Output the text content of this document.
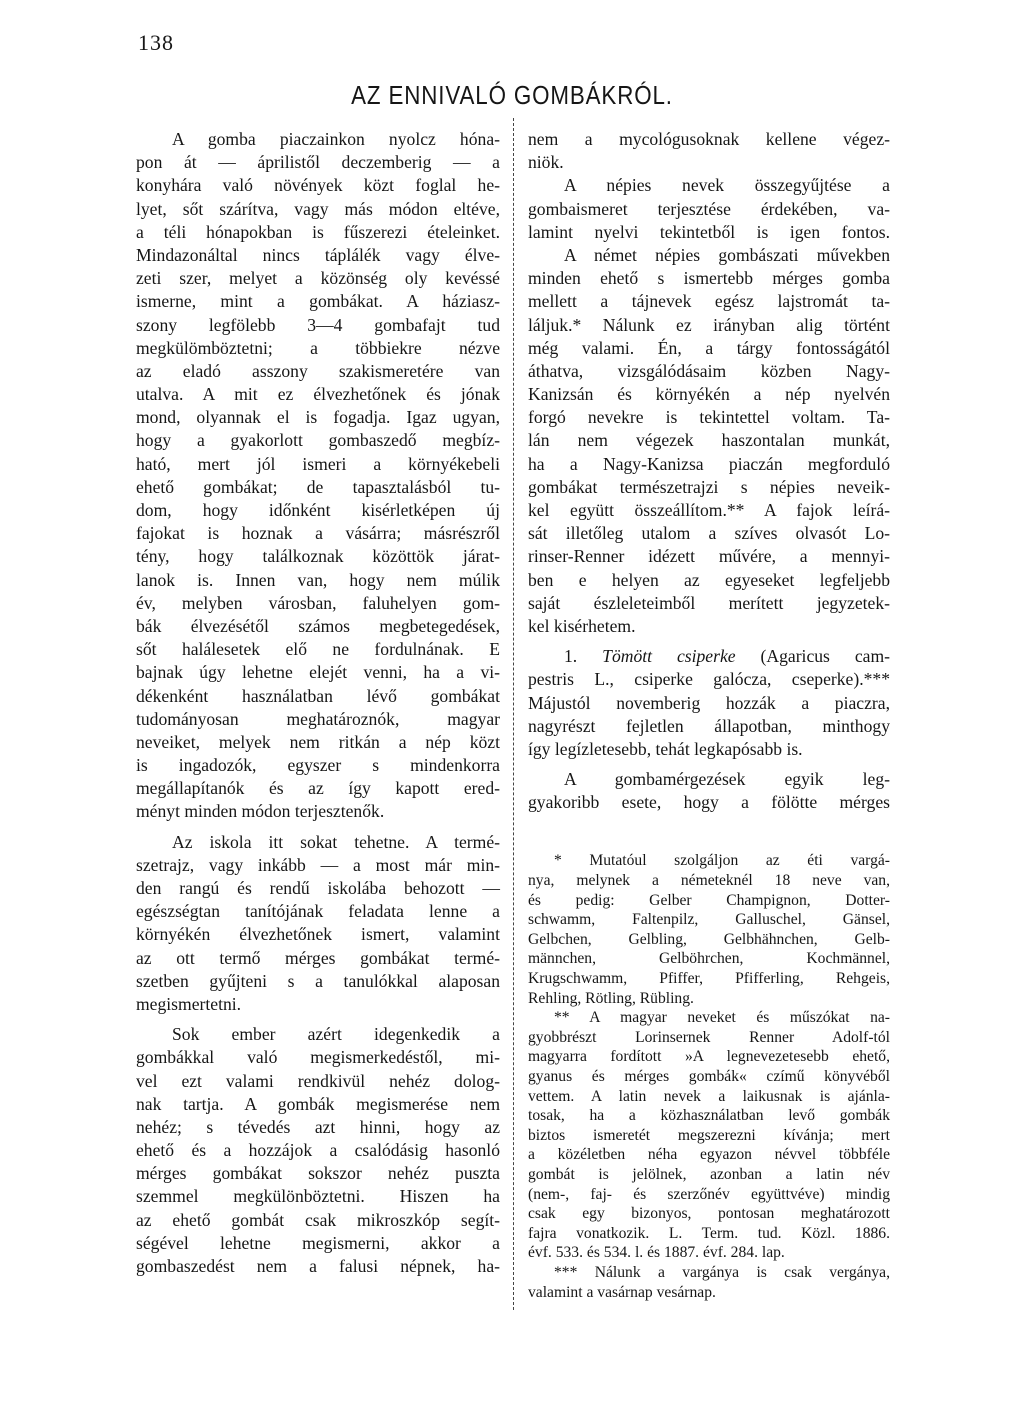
138
AZ ENNIVALÓ GOMBÁKRÓL.
A gomba piaczainkon nyolcz hóna-
pon át — áprilistől deczemberig — a
konyhára való növények közt foglal he-
lyet, sőt szárítva, vagy más módon eltéve,
a téli hónapokban is fűszerezi ételeinket.
Mindazonáltal nincs táplálék vagy élve-
zeti szer, melyet a közönség oly kevéssé
ismerne, mint a gombákat. A háziasz-
szony legfölebb 3—4 gombafajt tud
megkülömböztetni; a többiekre nézve
az eladó asszony szakismeretére van
utalva. A mit ez élvezhetőnek és jónak
mond, olyannak el is fogadja. Igaz ugyan,
hogy a gyakorlott gombaszedő megbíz-
ható, mert jól ismeri a környékebeli
ehető gombákat; de tapasztalásból tu-
dom, hogy időnként kisérletképen új
fajokat is hoznak a vásárra; másrészről
tény, hogy találkoznak közöttök járat-
lanok is. Innen van, hogy nem múlik
év, melyben városban, faluhelyen gom-
bák élvezésétől számos megbetegedések,
sőt halálesetek elő ne fordulnának. E
bajnak úgy lehetne elejét venni, ha a vi-
dékenként használatban lévő gombákat
tudományosan meghatároznók, magyar
neveiket, melyek nem ritkán a nép közt
is ingadozók, egyszer s mindenkorra
megállapítanók és az így kapott ered-
ményt minden módon terjesztenők.
Az iskola itt sokat tehetne. A termé-
szetrajz, vagy inkább — a most már min-
den rangú és rendű iskolába behozott —
egészségtan tanítójának feladata lenne a
környékén élvezhetőnek ismert, valamint
az ott termő mérges gombákat termé-
szetben gyűjteni s a tanulókkal alaposan
megismertetni.
Sok ember azért idegenkedik a
gombákkal való megismerkedéstől, mi-
vel ezt valami rendkivül nehéz dolog-
nak tartja. A gombák megismerése nem
nehéz; s tévedés azt hinni, hogy az
ehető és a hozzájok a csalódásig hasonló
mérges gombákat sokszor nehéz puszta
szemmel megkülönböztetni. Hiszen ha
az ehető gombát csak mikroszkóp segít-
ségével lehetne megismerni, akkor a
gombaszedést nem a falusi népnek, ha-
nem a mycológusoknak kellene végez-
niök.
A népies nevek összegyűjtése a
gombaismeret terjesztése érdekében, va-
lamint nyelvi tekintetből is igen fontos.
A német népies gombászati művekben
minden ehető s ismertebb mérges gomba
mellett a tájnevek egész lajstromát ta-
láljuk.* Nálunk ez irányban alig történt
még valami. Én, a tárgy fontosságától
áthatva, vizsgálódásaim közben Nagy-
Kanizsán és környékén a nép nyelvén
forgó nevekre is tekintettel voltam. Ta-
lán nem végezek haszontalan munkát,
ha a Nagy-Kanizsa piaczán megforduló
gombákat természetrajzi s népies neveik-
kel együtt összeállítom.** A fajok leírá-
sát illetőleg utalom a szíves olvasót Lo-
rinser-Renner idézett művére, a mennyi-
ben e helyen az egyeseket legfeljebb
saját észleleteimből merített jegyzetek-
kel kisérhetem.
1. Tömött csiperke (Agaricus cam-
pestris L., csiperke galócza, cseperke).***
Májustól novemberig hozzák a piaczra,
nagyrészt fejletlen állapotban, minthogy
így legízletesebb, tehát legkapósabb is.
A gombamérgezések egyik leg-
gyakoribb esete, hogy a fölötte mérges
* Mutatóul szolgáljon az éti vargá-
nya, melynek a németeknél 18 neve van,
és pedig: Gelber Champignon, Dotter-
schwamm, Faltenpilz, Galluschel, Gänsel,
Gelbchen, Gelbling, Gelbhähnchen, Gelb-
männchen, Gelböhrchen, Kochmännel,
Krugschwamm, Pfiffer, Pfifferling, Rehgeis,
Rehling, Rötling, Rübling.
** A magyar neveket és műszókat na-
gyobbrészt Lorinsernek Renner Adolf-tól
magyarra fordított »A legnevezetesebb ehető,
gyanus és mérges gombák« czímű könyvéből
vettem. A latin nevek a laikusnak is ajánla-
tosak, ha a közhasználatban levő gombák
biztos ismeretét megszerezni kívánja; mert
a közéletben néha egyazon névvel többféle
gombát is jelölnek, azonban a latin név
(nem-, faj- és szerzőnév együttvéve) mindig
csak egy bizonyos, pontosan meghatározott
fajra vonatkozik. L. Term. tud. Közl. 1886.
évf. 533. és 534. l. és 1887. évf. 284. lap.
*** Nálunk a vargánya is csak vergánya,
valamint a vasárnap vesárnap.
